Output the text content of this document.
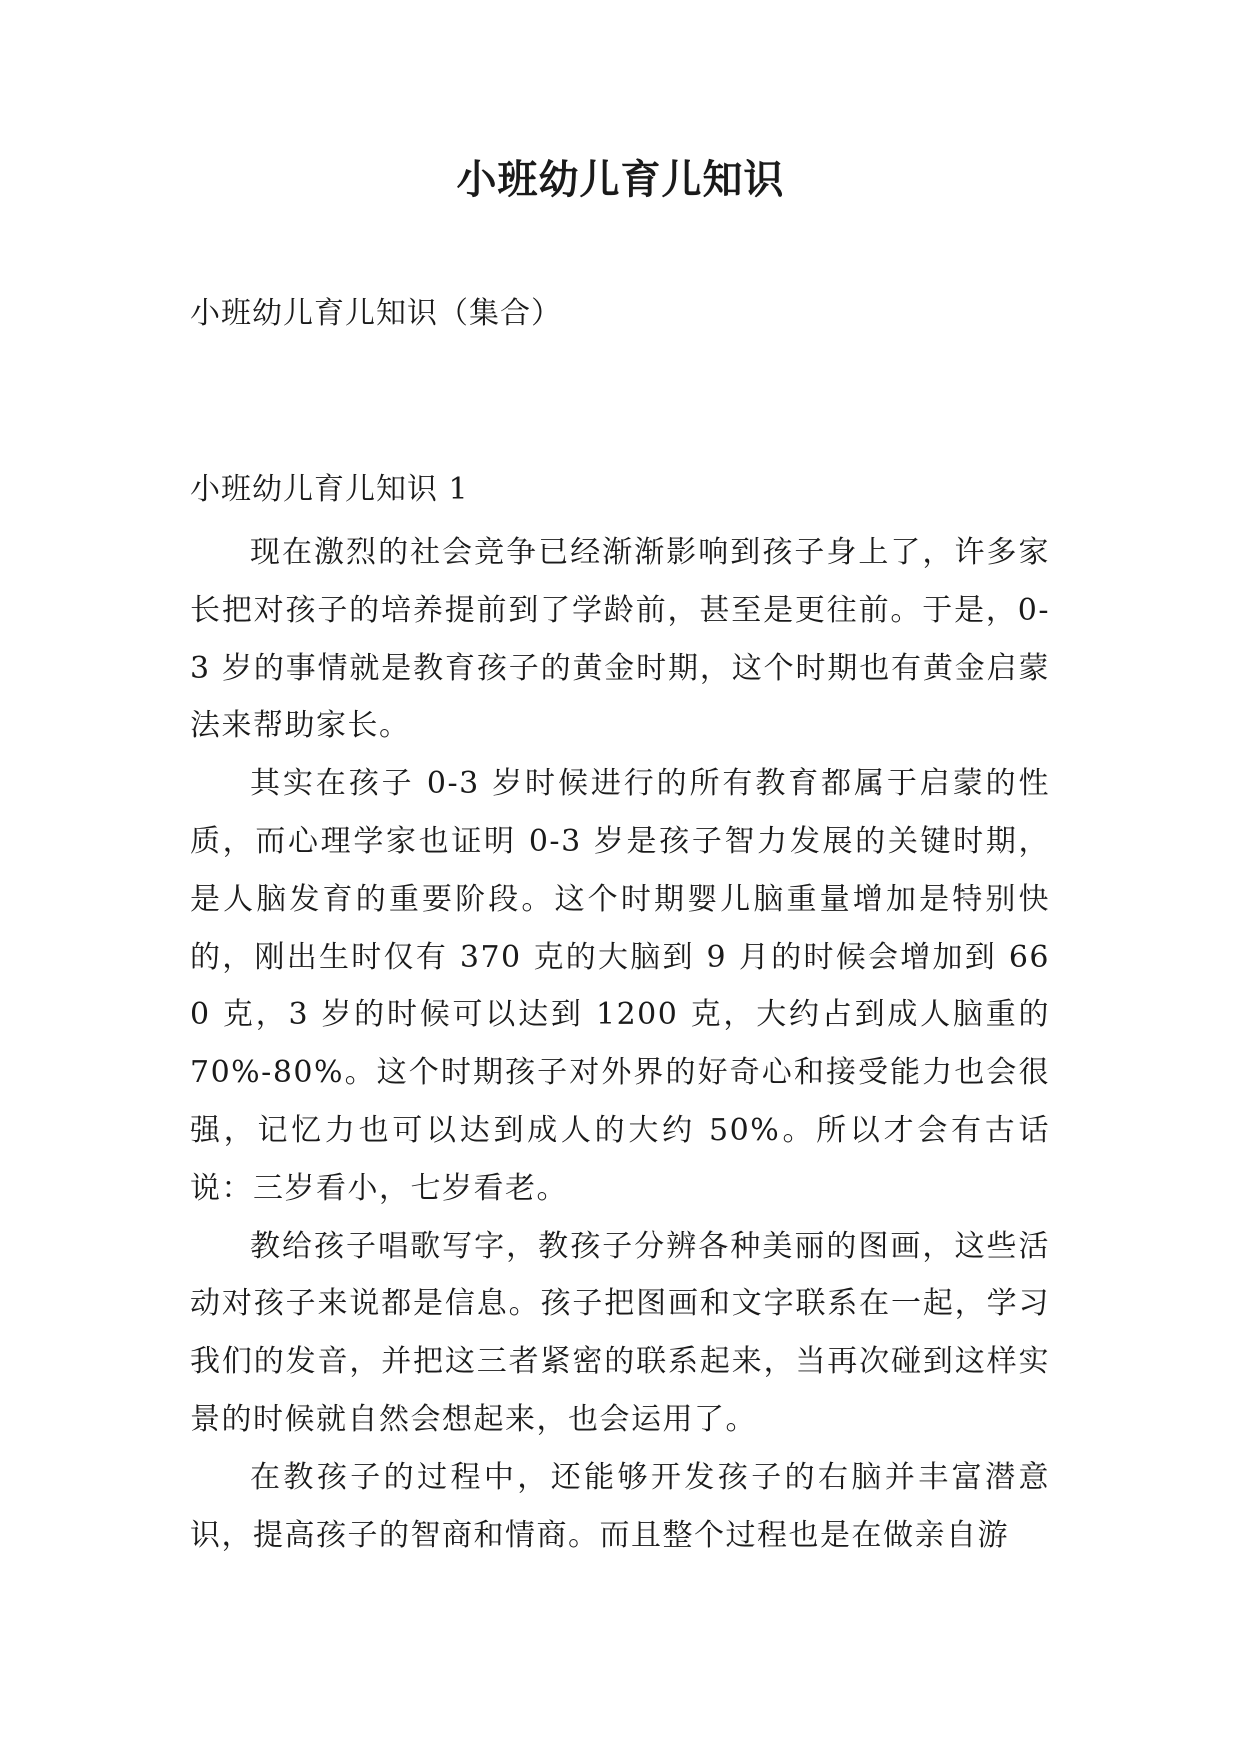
小班幼儿育儿知识

小班幼儿育儿知识（集合）

小班幼儿育儿知识 1

现在激烈的社会竞争已经渐渐影响到孩子身上了，许多家长把对孩子的培养提前到了学龄前，甚至是更往前。于是，0-3 岁的事情就是教育孩子的黄金时期，这个时期也有黄金启蒙法来帮助家长。

其实在孩子 0-3 岁时候进行的所有教育都属于启蒙的性质，而心理学家也证明 0-3 岁是孩子智力发展的关键时期，是人脑发育的重要阶段。这个时期婴儿脑重量增加是特别快的，刚出生时仅有 370 克的大脑到 9 月的时候会增加到 660 克，3 岁的时候可以达到 1200 克，大约占到成人脑重的 70%-80%。这个时期孩子对外界的好奇心和接受能力也会很强，记忆力也可以达到成人的大约 50%。所以才会有古话说：三岁看小，七岁看老。

教给孩子唱歌写字，教孩子分辨各种美丽的图画，这些活动对孩子来说都是信息。孩子把图画和文字联系在一起，学习我们的发音，并把这三者紧密的联系起来，当再次碰到这样实景的时候就自然会想起来，也会运用了。

在教孩子的过程中，还能够开发孩子的右脑并丰富潜意识，提高孩子的智商和情商。而且整个过程也是在做亲自游
